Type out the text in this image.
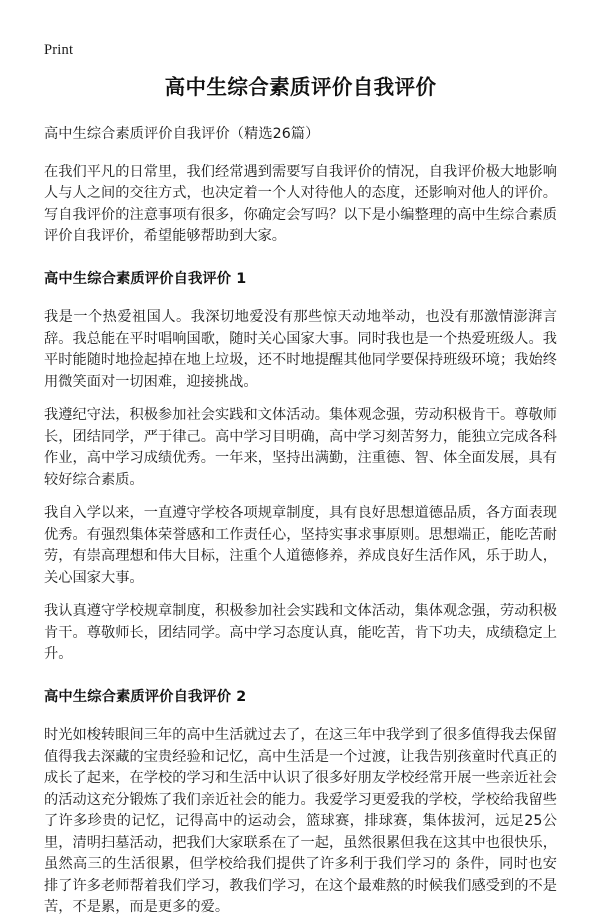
Print
高中生综合素质评价自我评价

高中生综合素质评价自我评价（精选26篇）

在我们平凡的日常里，我们经常遇到需要写自我评价的情况，自我评价极大地影响人与人之间的交往方式，也决定着一个人对待他人的态度，还影响对他人的评价。写自我评价的注意事项有很多，你确定会写吗？以下是小编整理的高中生综合素质评价自我评价，希望能够帮助到大家。

高中生综合素质评价自我评价 1

我是一个热爱祖国人。我深切地爱没有那些惊天动地举动，也没有那激情澎湃言辞。我总能在平时唱响国歌，随时关心国家大事。同时我也是一个热爱班级人。我平时能随时地捡起掉在地上垃圾，还不时地提醒其他同学要保持班级环境；我始终用微笑面对一切困难，迎接挑战。

我遵纪守法，积极参加社会实践和文体活动。集体观念强，劳动积极肯干。尊敬师长，团结同学，严于律己。高中学习目明确，高中学习刻苦努力，能独立完成各科作业，高中学习成绩优秀。一年来，坚持出满勤，注重德、智、体全面发展，具有较好综合素质。

我自入学以来，一直遵守学校各项规章制度，具有良好思想道德品质，各方面表现优秀。有强烈集体荣誉感和工作责任心，坚持实事求事原则。思想端正，能吃苦耐劳，有崇高理想和伟大目标，注重个人道德修养，养成良好生活作风，乐于助人，关心国家大事。

我认真遵守学校规章制度，积极参加社会实践和文体活动，集体观念强，劳动积极肯干。尊敬师长，团结同学。高中学习态度认真，能吃苦，肯下功夫，成绩稳定上升。

高中生综合素质评价自我评价 2

时光如梭转眼间三年的高中生活就过去了，在这三年中我学到了很多值得我去保留值得我去深藏的宝贵经验和记忆，高中生活是一个过渡，让我告别孩童时代真正的成长了起来，在学校的学习和生活中认识了很多好朋友学校经常开展一些亲近社会的活动这充分锻炼了我们亲近社会的能力。我爱学习更爱我的学校，学校给我留些了许多珍贵的记忆，记得高中的运动会，篮球赛，排球赛，集体拔河，远足25公里，清明扫墓活动，把我们大家联系在了一起，虽然很累但我在这其中也很快乐，虽然高三的生活很累，但学校给我们提供了许多利于我们学习的 条件，同时也安排了许多老师帮着我们学习，教我们学习，在这个最难熬的时候我们感受到的不是苦，不是累，而是更多的爱。
